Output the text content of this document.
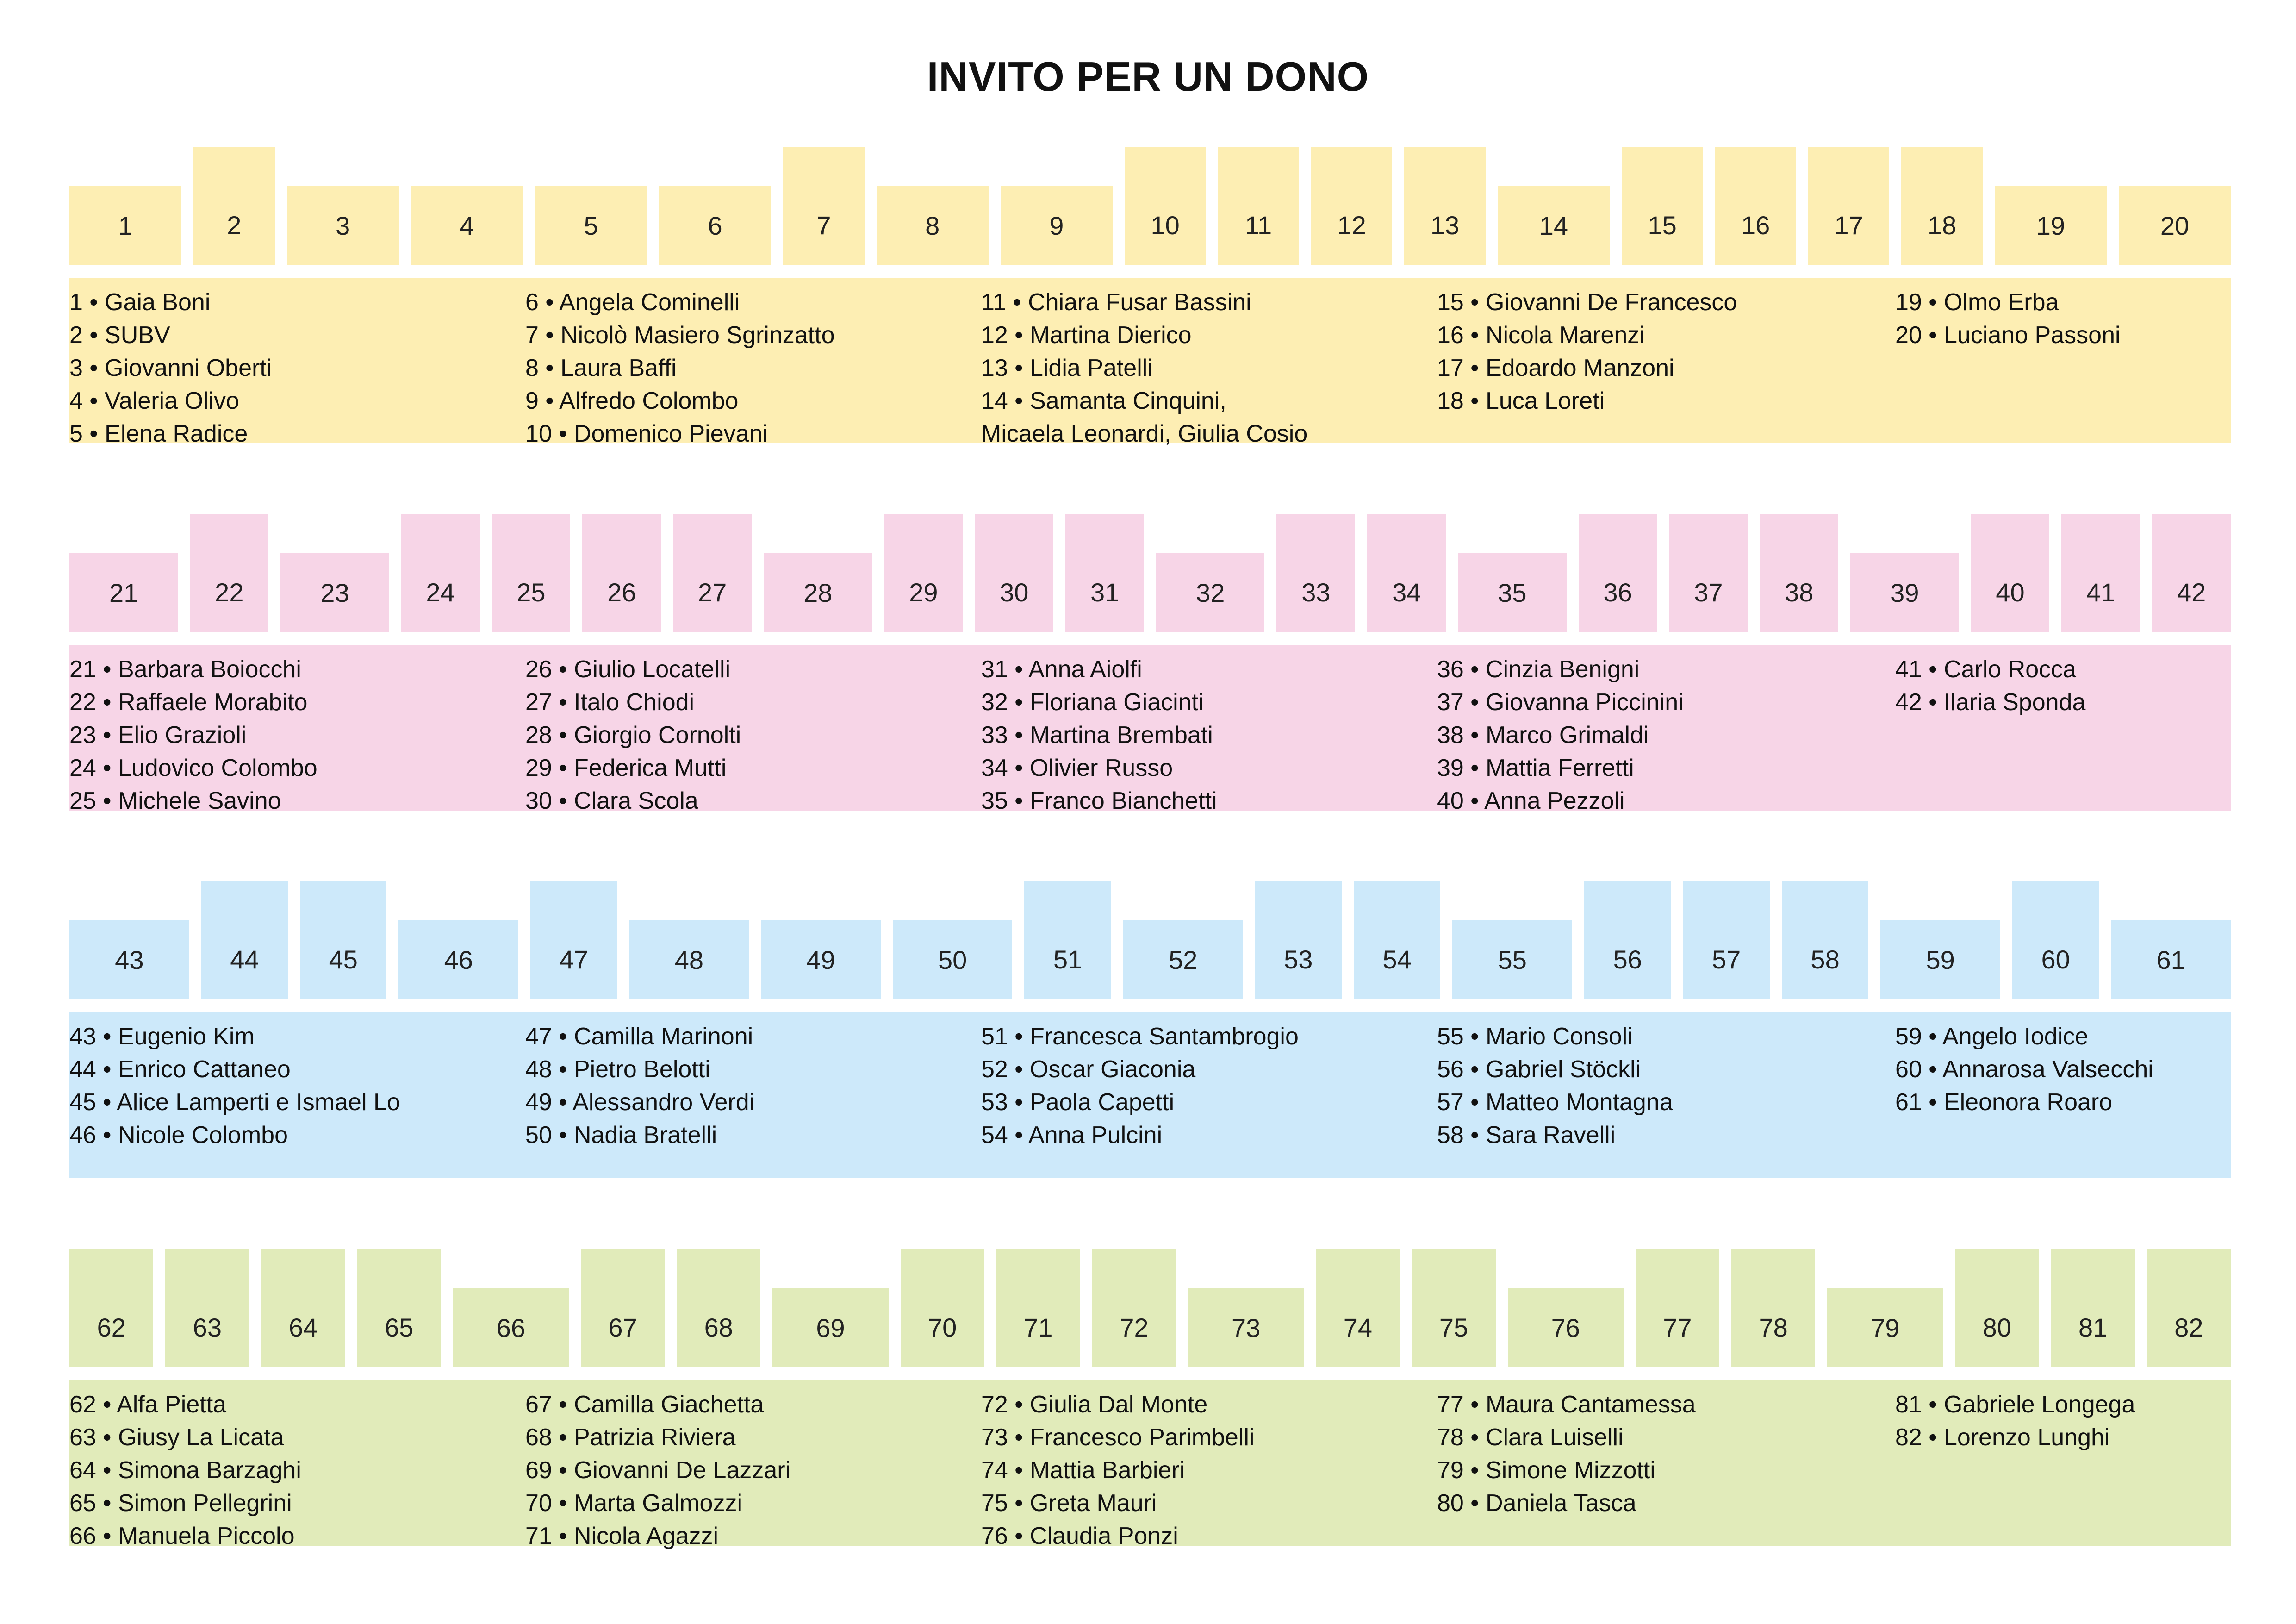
INVITO PER UN DONO
1	2	3	4	5	6	7	8	9	10	11	12 13	14	15 16 17 18	19	20
1 • Gaia Boni
2 • SUBV
3 • Giovanni Oberti
4 • Valeria Olivo
5 • Elena Radice
6 • Angela Cominelli
7 • Nicolò Masiero Sgrinzatto
8 • Laura Baffi
9 • Alfredo Colombo
10 • Domenico Pievani
11 • Chiara Fusar Bassini
12 • Martina Dierico
13 • Lidia Patelli
14 • Samanta Cinquini,
Micaela Leonardi, Giulia Cosio
15 • Giovanni De Francesco
16 • Nicola Marenzi
17 • Edoardo Manzoni
18 • Luca Loreti
19 • Olmo Erba
20 • Luciano Passoni
21	22	23	24 25 26 27	28	29 30 31	32	33 34	35	36 37 38	39	40 41 42
21 • Barbara Boiocchi
22 • Raffaele Morabito
23 • Elio Grazioli
24 • Ludovico Colombo
25 • Michele Savino
26 • Giulio Locatelli
27 • Italo Chiodi
28 • Giorgio Cornolti
29 • Federica Mutti
30 • Clara Scola
31 • Anna Aiolfi
32 • Floriana Giacinti
33 • Martina Brembati
34 • Olivier Russo
35 • Franco Bianchetti
36 • Cinzia Benigni
37 • Giovanna Piccinini
38 • Marco Grimaldi
39 • Mattia Ferretti
40 • Anna Pezzoli
41 • Carlo Rocca
42 • Ilaria Sponda
43	44	45	46	47	48	49	50	51	52	53	54	55	56	57	58	59	60	61
43 • Eugenio Kim
44 • Enrico Cattaneo
45 • Alice Lamperti e Ismael Lo
46 • Nicole Colombo
47 • Camilla Marinoni
48 • Pietro Belotti
49 • Alessandro Verdi
50 • Nadia Bratelli
51 • Francesca Santambrogio
52 • Oscar Giaconia
53 • Paola Capetti
54 • Anna Pulcini
55 • Mario Consoli
56 • Gabriel Stöckli
57 • Matteo Montagna
58 • Sara Ravelli
59 • Angelo Iodice
60 • Annarosa Valsecchi
61 • Eleonora Roaro
62	63	64	65	66	67	68	69	70	71	72	73	74	75	76	77	78	79	80	81	82
62 • Alfa Pietta
63 • Giusy La Licata
64 • Simona Barzaghi
65 • Simon Pellegrini
66 • Manuela Piccolo
67 • Camilla Giachetta
68 • Patrizia Riviera
69 • Giovanni De Lazzari
70 • Marta Galmozzi
71 • Nicola Agazzi
72 • Giulia Dal Monte
73 • Francesco Parimbelli
74 • Mattia Barbieri
75 • Greta Mauri
76 • Claudia Ponzi
77 • Maura Cantamessa
78 • Clara Luiselli
79 • Simone Mizzotti
80 • Daniela Tasca
81 • Gabriele Longega
82 • Lorenzo Lunghi
